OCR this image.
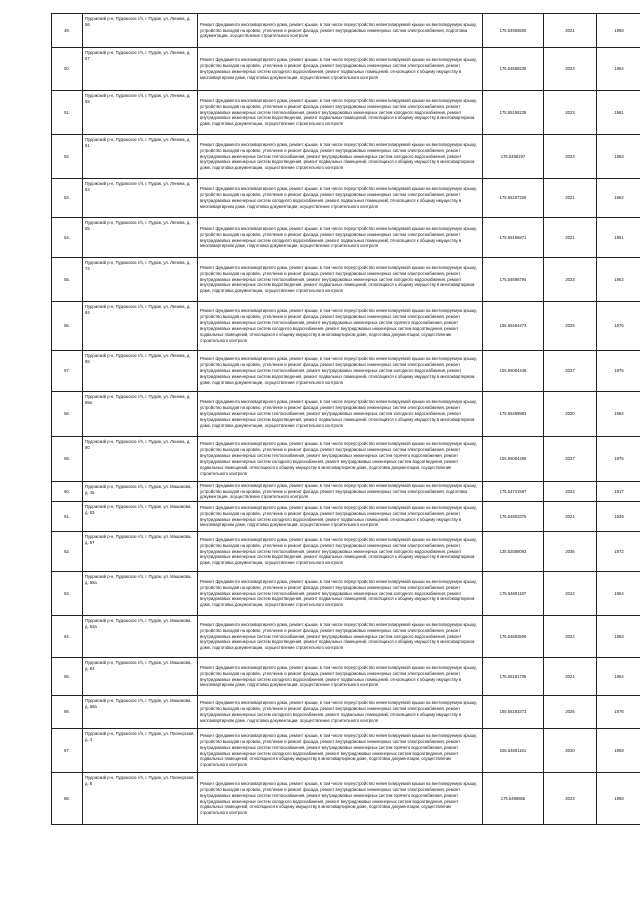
49.	Пудожский р-н, Пудожское г/п, г. Пудож, ул. Ленина, д. 56	Ремонт фундамента многоквартирного дома, ремонт крыши, в том числе переустройство невентилируемой крыши на вентилируемую крышу, устройство выходов на кровлю, утепление и ремонт фасада, ремонт внутридомовых инженерных систем электроснабжения, подготовка документации, осуществление строительного контроля	175.54965500	2021	1958
50.	Пудожский р-н, Пудожское г/п, г. Пудож, ул. Ленина, д. 57	Ремонт фундамента многоквартирного дома, ремонт крыши, в том числе переустройство невентилируемой крыши на вентилируемую крышу, устройство выходов на кровлю, утепление и ремонт фасада, ремонт внутридомовых инженерных систем электроснабжения, ремонт внутридомовых инженерных систем холодного водоснабжения, ремонт подвальных помещений, относящихся к общему имуществу в многоквартирном доме, подготовка документации, осуществление строительного контроля	175.54658239	2023	1964
51.	Пудожский р-н, Пудожское г/п, г. Пудож, ул. Ленина, д. 59	Ремонт фундамента многоквартирного дома, ремонт крыши, в том числе переустройство невентилируемой крыши на вентилируемую крышу, устройство выходов на кровлю, утепление и ремонт фасада, ремонт внутридомовых инженерных систем электроснабжения, ремонт внутридомовых инженерных систем теплоснабжения, ремонт внутридомовых инженерных систем холодного водоснабжения, ремонт внутридомовых инженерных систем водоотведения, ремонт подвальных помещений, относящихся к общему имуществу в многоквартирном доме, подготовка документации, осуществление строительного контроля	175.55195235	2023	1961
52.	Пудожский р-н, Пудожское г/п, г. Пудож, ул. Ленина, д. 61	Ремонт фундамента многоквартирного дома, ремонт крыши, в том числе переустройство невентилируемой крыши на вентилируемую крышу, устройство выходов на кровлю, утепление и ремонт фасада, ремонт внутридомовых инженерных систем электроснабжения, ремонт внутридомовых инженерных систем теплоснабжения, ремонт внутридомовых инженерных систем холодного водоснабжения, ремонт внутридомовых инженерных систем водоотведения, ремонт подвальных помещений, относящихся к общему имуществу в многоквартирном доме, подготовка документации, осуществление строительного контроля	175.5468197	2023	1963
53.	Пудожский р-н, Пудожское г/п, г. Пудож, ул. Ленина, д. 63	Ремонт фундамента многоквартирного дома, ремонт крыши, в том числе переустройство невентилируемой крыши на вентилируемую крышу, устройство выходов на кровлю, утепление и ремонт фасада, ремонт внутридомовых инженерных систем электроснабжения, ремонт внутридомовых инженерных систем холодного водоснабжения, ремонт подвальных помещений, относящихся к общему имуществу в многоквартирном доме, подготовка документации, осуществление строительного контроля	175.55197326	2021	1962
54.	Пудожский р-н, Пудожское г/п, г. Пудож, ул. Ленина, д. 65	Ремонт фундамента многоквартирного дома, ремонт крыши, в том числе переустройство невентилируемой крыши на вентилируемую крышу, устройство выходов на кровлю, утепление и ремонт фасада, ремонт внутридомовых инженерных систем электроснабжения, ремонт внутридомовых инженерных систем холодного водоснабжения, ремонт подвальных помещений, относящихся к общему имуществу в многоквартирном доме, подготовка документации, осуществление строительного контроля	175.55196871	2021	1961
55.	Пудожский р-н, Пудожское г/п, г. Пудож, ул. Ленина, д. 74	Ремонт фундамента многоквартирного дома, ремонт крыши, в том числе переустройство невентилируемой крыши на вентилируемую крышу, устройство выходов на кровлю, утепление и ремонт фасада, ремонт внутридомовых инженерных систем электроснабжения, ремонт внутридомовых инженерных систем теплоснабжения, ремонт внутридомовых инженерных систем холодного водоснабжения, ремонт внутридомовых инженерных систем водоотведения, ремонт подвальных помещений, относящихся к общему имуществу в многоквартирном доме, подготовка документации, осуществление строительного контроля	175.54698794	2023	1962
56.	Пудожский р-н, Пудожское г/п, г. Пудож, ул. Ленина, д. 84	Ремонт фундамента многоквартирного дома, ремонт крыши, в том числе переустройство невентилируемой крыши на вентилируемую крышу, устройство выходов на кровлю, утепление и ремонт фасада, ремонт внутридомовых инженерных систем электроснабжения, ремонт внутридомовых инженерных систем теплоснабжения, ремонт внутридомовых инженерных систем горячего водоснабжения, ремонт внутридомовых инженерных систем холодного водоснабжения, ремонт внутридомовых инженерных систем водоотведения, ремонт подвальных помещений, относящихся к общему имуществу в многоквартирном доме, подготовка документации, осуществление строительного контроля	155.55464273	2025	1976
57.	Пудожский р-н, Пудожское г/п, г. Пудож, ул. Ленина, д. 88	Ремонт фундамента многоквартирного дома, ремонт крыши, в том числе переустройство невентилируемой крыши на вентилируемую крышу, устройство выходов на кровлю, утепление и ремонт фасада, ремонт внутридомовых инженерных систем электроснабжения, ремонт внутридомовых инженерных систем теплоснабжения, ремонт внутридомовых инженерных систем холодного водоснабжения, ремонт внутридомовых инженерных систем водоотведения, ремонт подвальных помещений, относящихся к общему имуществу в многоквартирном доме, подготовка документации, осуществление строительного контроля	155.55084448	2027	1976
58.	Пудожский р-н, Пудожское г/п, г. Пудож, ул. Ленина, д. 88а	Ремонт фундамента многоквартирного дома, ремонт крыши, в том числе переустройство невентилируемой крыши на вентилируемую крышу, устройство выходов на кровлю, утепление и ремонт фасада, ремонт внутридомовых инженерных систем электроснабжения, ремонт внутридомовых инженерных систем теплоснабжения, ремонт внутридомовых инженерных систем холодного водоснабжения, ремонт внутридомовых инженерных систем водоотведения, ремонт подвальных помещений, относящихся к общему имуществу в многоквартирном доме, подготовка документации, осуществление строительного контроля	175.55469983	2020	1984
59.	Пудожский р-н, Пудожское г/п, г. Пудож, ул. Ленина, д. 90	Ремонт фундамента многоквартирного дома, ремонт крыши, в том числе переустройство невентилируемой крыши на вентилируемую крышу, устройство выходов на кровлю, утепление и ремонт фасада, ремонт внутридомовых инженерных систем электроснабжения, ремонт внутридомовых инженерных систем теплоснабжения, ремонт внутридомовых инженерных систем горячего водоснабжения, ремонт внутридомовых инженерных систем холодного водоснабжения, ремонт внутридомовых инженерных систем водоотведения, ремонт подвальных помещений, относящихся к общему имуществу в многоквартирном доме, подготовка документации, осуществление строительного контроля	155.55084485	2027	1976
60.	Пудожский р-н, Пудожское г/п, г. Пудож, ул. Машакова, д. 45	Ремонт фундамента многоквартирного дома, ремонт крыши, в том числе переустройство невентилируемой крыши на вентилируемую крышу, устройство выходов на кровлю, утепление и ремонт фасада, ремонт внутридомовых инженерных систем электроснабжения, подготовка документации, осуществление строительного контроля	175.54741587	2022	1917
61.	Пудожский р-н, Пудожское г/п, г. Пудож, ул. Машакова, д. 53	Ремонт фундамента многоквартирного дома, ремонт крыши, в том числе переустройство невентилируемой крыши на вентилируемую крышу, устройство выходов на кровлю, утепление и ремонт фасада, ремонт внутридомовых инженерных систем электроснабжения, ремонт внутридомовых инженерных систем холодного водоснабжения, ремонт подвальных помещений, относящихся к общему имуществу в многоквартирном доме, подготовка документации, осуществление строительного контроля	175.54903375	2021	1939
62.	Пудожский р-н, Пудожское г/п, г. Пудож, ул. Машакова, д. 57	Ремонт фундамента многоквартирного дома, ремонт крыши, в том числе переустройство невентилируемой крыши на вентилируемую крышу, устройство выходов на кровлю, утепление и ремонт фасада, ремонт внутридомовых инженерных систем электроснабжения, ремонт внутридомовых инженерных систем теплоснабжения, ремонт внутридомовых инженерных систем холодного водоснабжения, ремонт внутридомовых инженерных систем водоотведения, ремонт подвальных помещений, относящихся к общему имуществу в многоквартирном доме, подготовка документации, осуществление строительного контроля	135.52588093	2036	1972
63.	Пудожский р-н, Пудожское г/п, г. Пудож, ул. Машакова, д. 58а	Ремонт фундамента многоквартирного дома, ремонт крыши, в том числе переустройство невентилируемой крыши на вентилируемую крышу, устройство выходов на кровлю, утепление и ремонт фасада, ремонт внутридомовых инженерных систем электроснабжения, ремонт внутридомовых инженерных систем теплоснабжения, ремонт внутридомовых инженерных систем холодного водоснабжения, ремонт внутридомовых инженерных систем водоотведения, ремонт подвальных помещений, относящихся к общему имуществу в многоквартирном доме, подготовка документации, осуществление строительного контроля	175.54691187	2022	1964
64.	Пудожский р-н, Пудожское г/п, г. Пудож, ул. Машакова, д. 62а	Ремонт фундамента многоквартирного дома, ремонт крыши, в том числе переустройство невентилируемой крыши на вентилируемую крышу, устройство выходов на кровлю, утепление и ремонт фасада, ремонт внутридомовых инженерных систем электроснабжения, ремонт внутридомовых инженерных систем теплоснабжения, ремонт внутридомовых инженерных систем холодного водоснабжения, ремонт внутридомовых инженерных систем водоотведения, ремонт подвальных помещений, относящихся к общему имуществу в многоквартирном доме, подготовка документации, осуществление строительного контроля	175.54683509	2022	1963
65.	Пудожский р-н, Пудожское г/п, г. Пудож, ул. Машакова, д. 64	Ремонт фундамента многоквартирного дома, ремонт крыши, в том числе переустройство невентилируемой крыши на вентилируемую крышу, устройство выходов на кровлю, утепление и ремонт фасада, ремонт внутридомовых инженерных систем электроснабжения, ремонт внутридомовых инженерных систем холодного водоснабжения, ремонт подвальных помещений, относящихся к общему имуществу в многоквартирном доме, подготовка документации, осуществление строительного контроля	175.55191736	2021	1964
66.	Пудожский р-н, Пудожское г/п, г. Пудож, ул. Машакова, д. 66а	Ремонт фундамента многоквартирного дома, ремонт крыши, в том числе переустройство невентилируемой крыши на вентилируемую крышу, устройство выходов на кровлю, утепление и ремонт фасада, ремонт внутридомовых инженерных систем электроснабжения, ремонт внутридомовых инженерных систем холодного водоснабжения, ремонт подвальных помещений, относящихся к общему имуществу в многоквартирном доме, подготовка документации, осуществление строительного контроля	155.55193373	2026	1976
67.	Пудожский р-н, Пудожское г/п, г. Пудож, ул. Пионерская, д. 4	Ремонт фундамента многоквартирного дома, ремонт крыши, в том числе переустройство невентилируемой крыши на вентилируемую крышу, устройство выходов на кровлю, утепление и ремонт фасада, ремонт внутридомовых инженерных систем электроснабжения, ремонт внутридомовых инженерных систем теплоснабжения, ремонт внутридомовых инженерных систем горячего водоснабжения, ремонт внутридомовых инженерных систем холодного водоснабжения, ремонт внутридомовых инженерных систем водоотведения, ремонт подвальных помещений, относящихся к общему имуществу в многоквартирном доме, подготовка документации, осуществление строительного контроля	155.54691181	2030	1959
68.	Пудожский р-н, Пудожское г/п, г. Пудож, ул. Пионерская, д. 8	Ремонт фундамента многоквартирного дома, ремонт крыши, в том числе переустройство невентилируемой крыши на вентилируемую крышу, устройство выходов на кровлю, утепление и ремонт фасада, ремонт внутридомовых инженерных систем электроснабжения, ремонт внутридомовых инженерных систем теплоснабжения, ремонт внутридомовых инженерных систем горячего водоснабжения, ремонт внутридомовых инженерных систем холодного водоснабжения, ремонт внутридомовых инженерных систем водоотведения, ремонт подвальных помещений, относящихся к общему имуществу в многоквартирном доме, подготовка документации, осуществление строительного контроля	175.5469665	2023	1958
